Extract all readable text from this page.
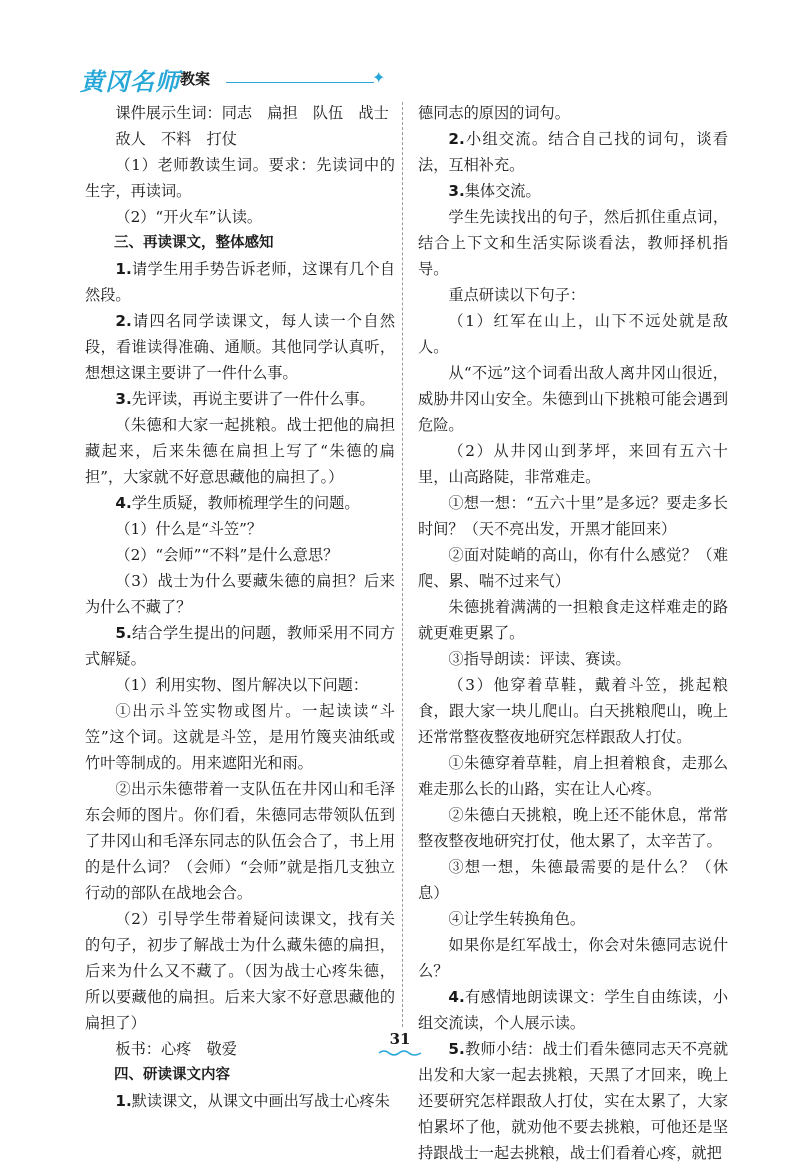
黄冈名师 教案	✦

课件展示生词：同志　扁担　队伍　战士

敌人　不料　打仗

（1）老师教读生词。要求：先读词中的生字，再读词。

（2）“开火车”认读。

三、再读课文，整体感知

1.请学生用手势告诉老师，这课有几个自然段。

2.请四名同学读课文，每人读一个自然段，看谁读得准确、通顺。其他同学认真听，想想这课主要讲了一件什么事。

3.先评读，再说主要讲了一件什么事。

（朱德和大家一起挑粮。战士把他的扁担藏起来，后来朱德在扁担上写了“朱德的扁担”，大家就不好意思藏他的扁担了。）

4.学生质疑，教师梳理学生的问题。

（1）什么是“斗笠”？

（2）“会师”“不料”是什么意思？

（3）战士为什么要藏朱德的扁担？后来为什么不藏了？

5.结合学生提出的问题，教师采用不同方式解疑。

（1）利用实物、图片解决以下问题：

①出示斗笠实物或图片。一起读读“斗笠”这个词。这就是斗笠，是用竹篾夹油纸或竹叶等制成的。用来遮阳光和雨。

②出示朱德带着一支队伍在井冈山和毛泽东会师的图片。你们看，朱德同志带领队伍到了井冈山和毛泽东同志的队伍会合了，书上用的是什么词？（会师）“会师”就是指几支独立行动的部队在战地会合。

（2）引导学生带着疑问读课文，找有关的句子，初步了解战士为什么藏朱德的扁担，后来为什么又不藏了。（因为战士心疼朱德，所以要藏他的扁担。后来大家不好意思藏他的扁担了）

板书：心疼　敬爱

四、研读课文内容

1.默读课文，从课文中画出写战士心疼朱

德同志的原因的词句。

2.小组交流。结合自己找的词句，谈看法，互相补充。

3.集体交流。

学生先读找出的句子，然后抓住重点词，结合上下文和生活实际谈看法，教师择机指导。

重点研读以下句子：

（1）红军在山上，山下不远处就是敌人。

从“不远”这个词看出敌人离井冈山很近，威胁井冈山安全。朱德到山下挑粮可能会遇到危险。

（2）从井冈山到茅坪，来回有五六十里，山高路陡，非常难走。

①想一想：“五六十里”是多远？要走多长时间？（天不亮出发，开黑才能回来）

②面对陡峭的高山，你有什么感觉？（难爬、累、喘不过来气）

朱德挑着满满的一担粮食走这样难走的路就更难更累了。

③指导朗读：评读、赛读。

（3）他穿着草鞋，戴着斗笠，挑起粮食，跟大家一块儿爬山。白天挑粮爬山，晚上还常常整夜整夜地研究怎样跟敌人打仗。

①朱德穿着草鞋，肩上担着粮食，走那么难走那么长的山路，实在让人心疼。

②朱德白天挑粮，晚上还不能休息，常常整夜整夜地研究打仗，他太累了，太辛苦了。

③想一想，朱德最需要的是什么？（休息）

④让学生转换角色。

如果你是红军战士，你会对朱德同志说什么？

4.有感情地朗读课文：学生自由练读，小组交流读，个人展示读。

5.教师小结：战士们看朱德同志天不亮就出发和大家一起去挑粮，天黑了才回来，晚上还要研究怎样跟敌人打仗，实在太累了，大家怕累坏了他，就劝他不要去挑粮，可他还是坚持跟战士一起去挑粮，战士们看着心疼，就把

31
